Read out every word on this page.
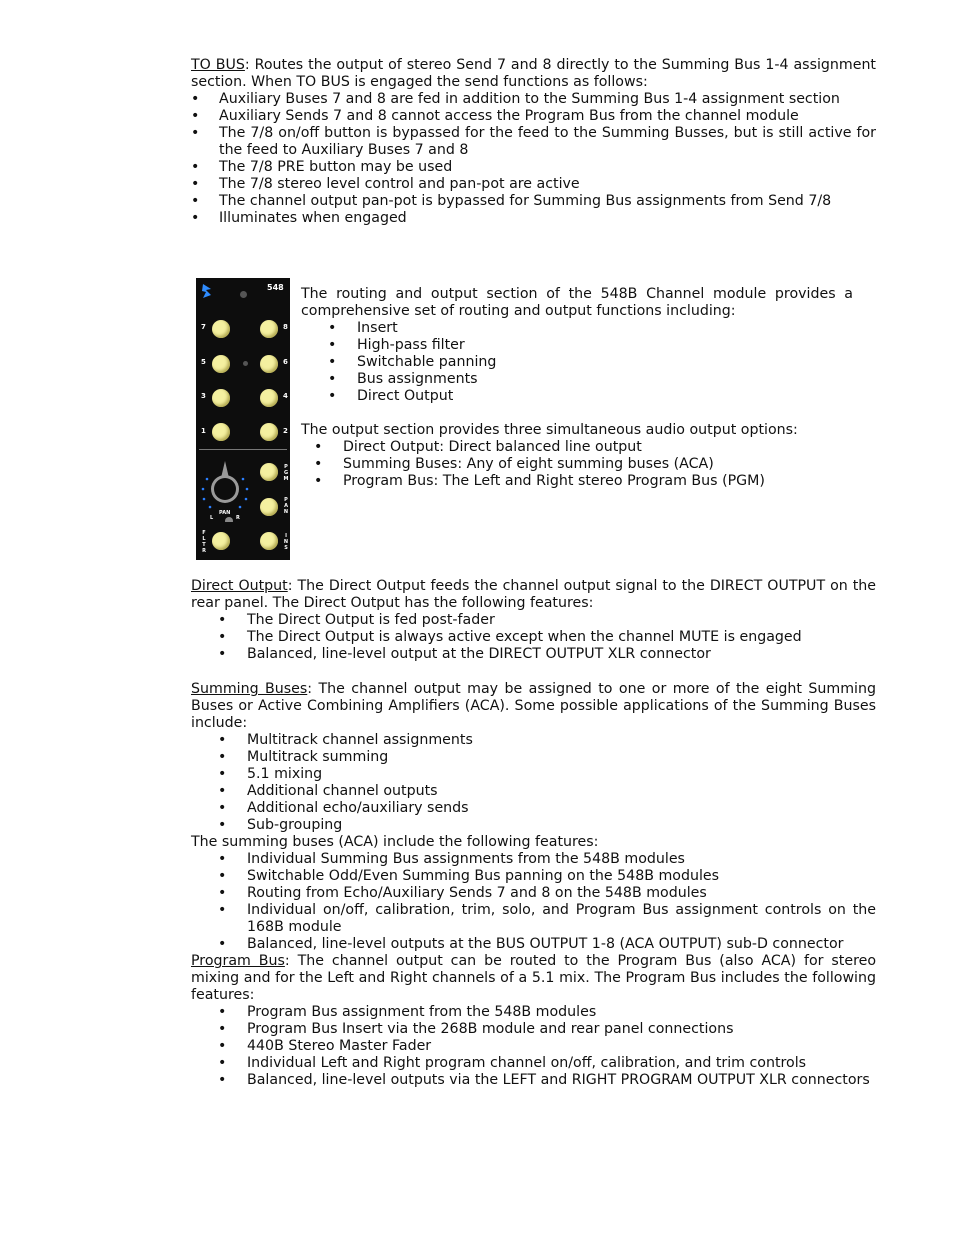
TO BUS: Routes the output of stereo Send 7 and 8 directly to the Summing Bus 1-4 assignment section. When TO BUS is engaged the send functions as follows:
•	Auxiliary Buses 7 and 8 are fed in addition to the Summing Bus 1-4 assignment section
•	Auxiliary Sends 7 and 8 cannot access the Program Bus from the channel module
•	The 7/8 on/off button is bypassed for the feed to the Summing Busses, but is still active for the feed to Auxiliary Buses 7 and 8
•	The 7/8 PRE button may be used
•	The 7/8 stereo level control and pan-pot are active
•	The channel output pan-pot is bypassed for Summing Bus assignments from Send 7/8
•	Illuminates when engaged
548
7	8
5	6
3	4
1	2
PAN
L	R
P
G
M
P
A
N
F
L
T
R
I
N
S
The routing and output section of the 548B Channel module provides a comprehensive set of routing and output functions including:
•	Insert
•	High-pass filter
•	Switchable panning
•	Bus assignments
•	Direct Output
The output section provides three simultaneous audio output options:
•	Direct Output: Direct balanced line output
•	Summing Buses: Any of eight summing buses (ACA)
•	Program Bus: The Left and Right stereo Program Bus (PGM)
Direct Output: The Direct Output feeds the channel output signal to the DIRECT OUTPUT on the rear panel. The Direct Output has the following features:
•	The Direct Output is fed post-fader
•	The Direct Output is always active except when the channel MUTE is engaged
•	Balanced, line-level output at the DIRECT OUTPUT XLR connector
Summing Buses: The channel output may be assigned to one or more of the eight Summing Buses or Active Combining Amplifiers (ACA). Some possible applications of the Summing Buses include:
•	Multitrack channel assignments
•	Multitrack summing
•	5.1 mixing
•	Additional channel outputs
•	Additional echo/auxiliary sends
•	Sub-grouping
The summing buses (ACA) include the following features:
•	Individual Summing Bus assignments from the 548B modules
•	Switchable Odd/Even Summing Bus panning on the 548B modules
•	Routing from Echo/Auxiliary Sends 7 and 8 on the 548B modules
•	Individual on/off, calibration, trim, solo, and Program Bus assignment controls on the 168B module
•	Balanced, line-level outputs at the BUS OUTPUT 1-8 (ACA OUTPUT) sub-D connector
Program Bus: The channel output can be routed to the Program Bus (also ACA) for stereo mixing and for the Left and Right channels of a 5.1 mix. The Program Bus includes the following features:
•	Program Bus assignment from the 548B modules
•	Program Bus Insert via the 268B module and rear panel connections
•	440B Stereo Master Fader
•	Individual Left and Right program channel on/off, calibration, and trim controls
•	Balanced, line-level outputs via the LEFT and RIGHT PROGRAM OUTPUT XLR connectors
